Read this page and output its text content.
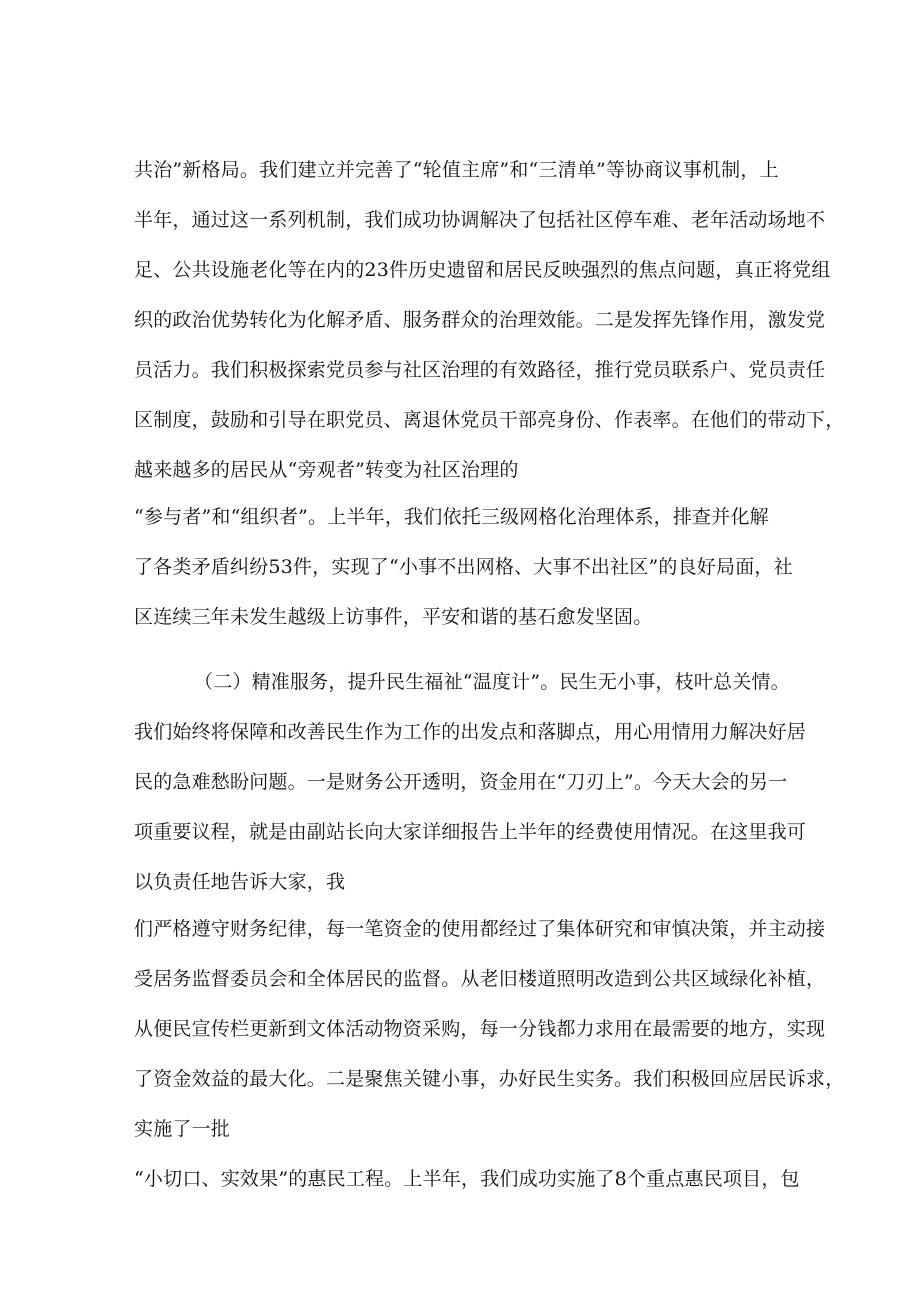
共治”新格局。我们建立并完善了“轮值主席”和“三清单”等协商议事机制，上
半年，通过这一系列机制，我们成功协调解决了包括社区停车难、老年活动场地不
足、公共设施老化等在内的23件历史遗留和居民反映强烈的焦点问题，真正将党组
织的政治优势转化为化解矛盾、服务群众的治理效能。二是发挥先锋作用，激发党
员活力。我们积极探索党员参与社区治理的有效路径，推行党员联系户、党员责任
区制度，鼓励和引导在职党员、离退休党员干部亮身份、作表率。在他们的带动下，
越来越多的居民从“旁观者”转变为社区治理的
“参与者”和“组织者”。上半年，我们依托三级网格化治理体系，排查并化解
了各类矛盾纠纷53件，实现了“小事不出网格、大事不出社区”的良好局面，社
区连续三年未发生越级上访事件，平安和谐的基石愈发坚固。
（二）精准服务，提升民生福祉“温度计”。民生无小事，枝叶总关情。
我们始终将保障和改善民生作为工作的出发点和落脚点，用心用情用力解决好居
民的急难愁盼问题。一是财务公开透明，资金用在“刀刃上”。今天大会的另一
项重要议程，就是由副站长向大家详细报告上半年的经费使用情况。在这里我可
以负责任地告诉大家，我
们严格遵守财务纪律，每一笔资金的使用都经过了集体研究和审慎决策，并主动接
受居务监督委员会和全体居民的监督。从老旧楼道照明改造到公共区域绿化补植，
从便民宣传栏更新到文体活动物资采购，每一分钱都力求用在最需要的地方，实现
了资金效益的最大化。二是聚焦关键小事，办好民生实务。我们积极回应居民诉求，
实施了一批
“小切口、实效果”的惠民工程。上半年，我们成功实施了8个重点惠民项目，包
